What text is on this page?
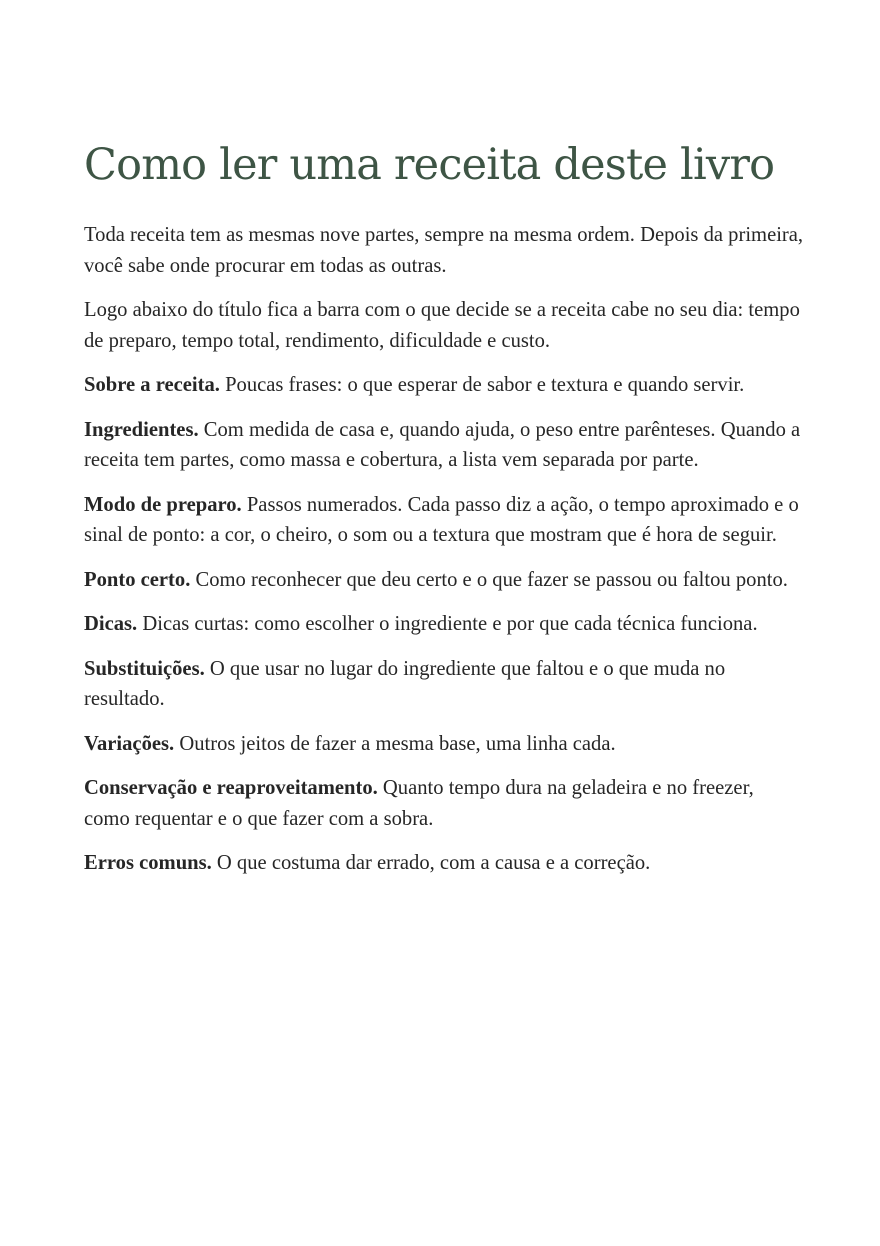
Como ler uma receita deste livro

Toda receita tem as mesmas nove partes, sempre na mesma ordem. Depois da primeira, você sabe onde procurar em todas as outras.

Logo abaixo do título fica a barra com o que decide se a receita cabe no seu dia: tempo de preparo, tempo total, rendimento, dificuldade e custo.

Sobre a receita. Poucas frases: o que esperar de sabor e textura e quando servir.

Ingredientes. Com medida de casa e, quando ajuda, o peso entre parênteses. Quando a receita tem partes, como massa e cobertura, a lista vem separada por parte.

Modo de preparo. Passos numerados. Cada passo diz a ação, o tempo aproximado e o sinal de ponto: a cor, o cheiro, o som ou a textura que mostram que é hora de seguir.

Ponto certo. Como reconhecer que deu certo e o que fazer se passou ou faltou ponto.

Dicas. Dicas curtas: como escolher o ingrediente e por que cada técnica funciona.

Substituições. O que usar no lugar do ingrediente que faltou e o que muda no resultado.

Variações. Outros jeitos de fazer a mesma base, uma linha cada.

Conservação e reaproveitamento. Quanto tempo dura na geladeira e no freezer, como requentar e o que fazer com a sobra.

Erros comuns. O que costuma dar errado, com a causa e a correção.
